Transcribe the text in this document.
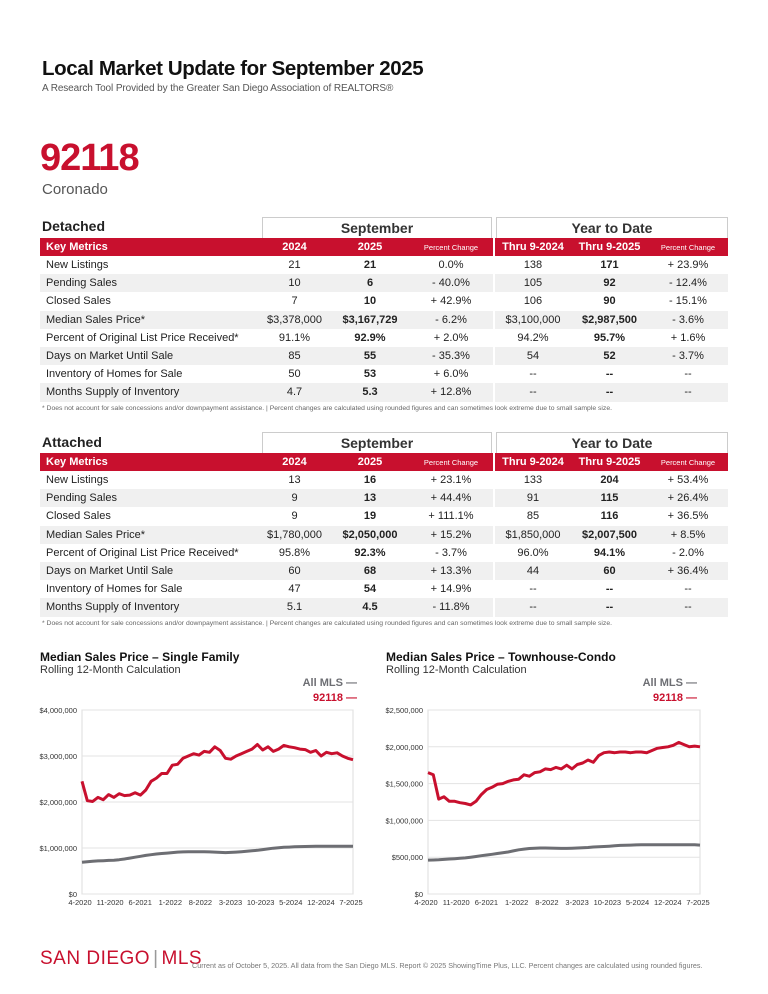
Local Market Update for September 2025
A Research Tool Provided by the Greater San Diego Association of REALTORS®
92118
Coronado
Detached	September	Year to Date
Key Metrics	2024	2025	Percent Change	Thru 9-2024	Thru 9-2025	Percent Change
New Listings	21	21	0.0%	138	171	+ 23.9%
Pending Sales	10	6	- 40.0%	105	92	- 12.4%
Closed Sales	7	10	+ 42.9%	106	90	- 15.1%
Median Sales Price*	$3,378,000	$3,167,729	- 6.2%	$3,100,000	$2,987,500	- 3.6%
Percent of Original List Price Received*	91.1%	92.9%	+ 2.0%	94.2%	95.7%	+ 1.6%
Days on Market Until Sale	85	55	- 35.3%	54	52	- 3.7%
Inventory of Homes for Sale	50	53	+ 6.0%	--	--	--
Months Supply of Inventory	4.7	5.3	+ 12.8%	--	--	--
* Does not account for sale concessions and/or downpayment assistance. | Percent changes are calculated using rounded figures and can sometimes look extreme due to small sample size.
Attached	September	Year to Date
Key Metrics	2024	2025	Percent Change	Thru 9-2024	Thru 9-2025	Percent Change
New Listings	13	16	+ 23.1%	133	204	+ 53.4%
Pending Sales	9	13	+ 44.4%	91	115	+ 26.4%
Closed Sales	9	19	+ 111.1%	85	116	+ 36.5%
Median Sales Price*	$1,780,000	$2,050,000	+ 15.2%	$1,850,000	$2,007,500	+ 8.5%
Percent of Original List Price Received*	95.8%	92.3%	- 3.7%	96.0%	94.1%	- 2.0%
Days on Market Until Sale	60	68	+ 13.3%	44	60	+ 36.4%
Inventory of Homes for Sale	47	54	+ 14.9%	--	--	--
Months Supply of Inventory	5.1	4.5	- 11.8%	--	--	--
* Does not account for sale concessions and/or downpayment assistance. | Percent changes are calculated using rounded figures and can sometimes look extreme due to small sample size.
Median Sales Price – Single Family
Rolling 12-Month Calculation
All MLS —
92118 —
$0
$1,000,000
$2,000,000
$3,000,000
$4,000,000
4-2020 11-2020 6-2021 1-2022 8-2022 3-2023 10-2023 5-2024 12-2024 7-2025
Median Sales Price – Townhouse-Condo
Rolling 12-Month Calculation
All MLS —
92118 —
$0
$500,000
$1,000,000
$1,500,000
$2,000,000
$2,500,000
4-2020 11-2020 6-2021 1-2022 8-2022 3-2023 10-2023 5-2024 12-2024 7-2025
SAN DIEGO | MLS
Current as of October 5, 2025. All data from the San Diego MLS. Report © 2025 ShowingTime Plus, LLC. Percent changes are calculated using rounded figures.
